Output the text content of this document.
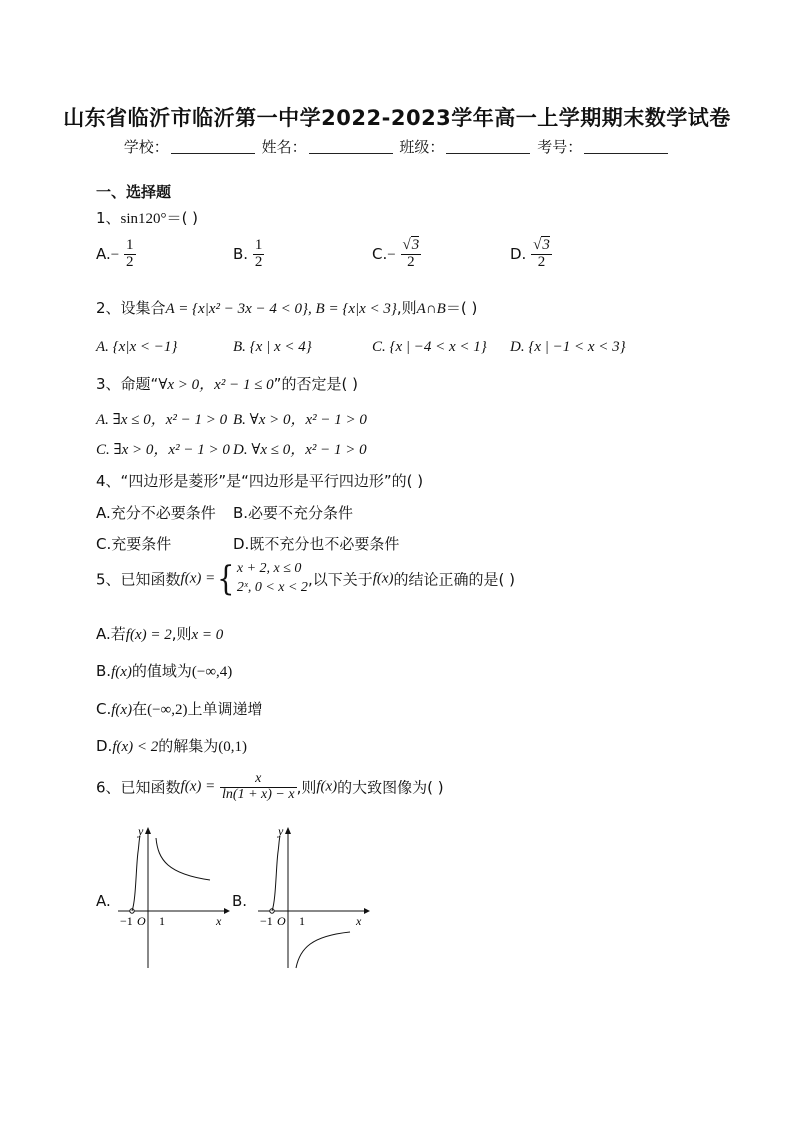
山东省临沂市临沂第一中学2022-2023学年高一上学期期末数学试卷
学校：	姓名：	班级：	考号：
一、选择题
1、sin120°＝( )
$A.- \frac{1}{2}$	B. $\frac{1}{2}$	$C.- \frac{√3}{2}$	D. $\frac{√3}{2}$
2、设集合A = {x|x² − 3x − 4 < 0}, B = {x|x < 3},则A∩B＝( )
A. {x|x < −1}	B. {x | x < 4}	C. {x | −4 < x < 1} D. {x | −1 < x < 3}
3、命题“∀x > 0，x² − 1 ≤ 0”的否定是( )
A. ∃x ≤ 0，x² − 1 > 0 B. ∀x > 0，x² − 1 > 0
C. ∃x > 0，x² − 1 > 0 D. ∀x ≤ 0，x² − 1 > 0
4、“四边形是菱形”是“四边形是平行四边形”的( )
A.充分不必要条件 B.必要不充分条件
C.充要条件	D.既不充分也不必要条件
5、已知函数f(x) ={ x + 2, x ≤ 0
2ˣ, 0 < x < 2 ,以下关于f(x)的结论正确的是( )
A.若f(x) = 2,则x = 0
B.f(x)的值域为(−∞,4)
C.f(x)在(−∞,2)上单调递增
D.f(x) < 2的解集为(0,1)
6、已知函数$f(x) = \frac{x}{\ln(1 + x) - x}$ ,则f(x)的大致图像为( )
A.
y
x
−1 O 1
B.
y
x
−1 O 1
